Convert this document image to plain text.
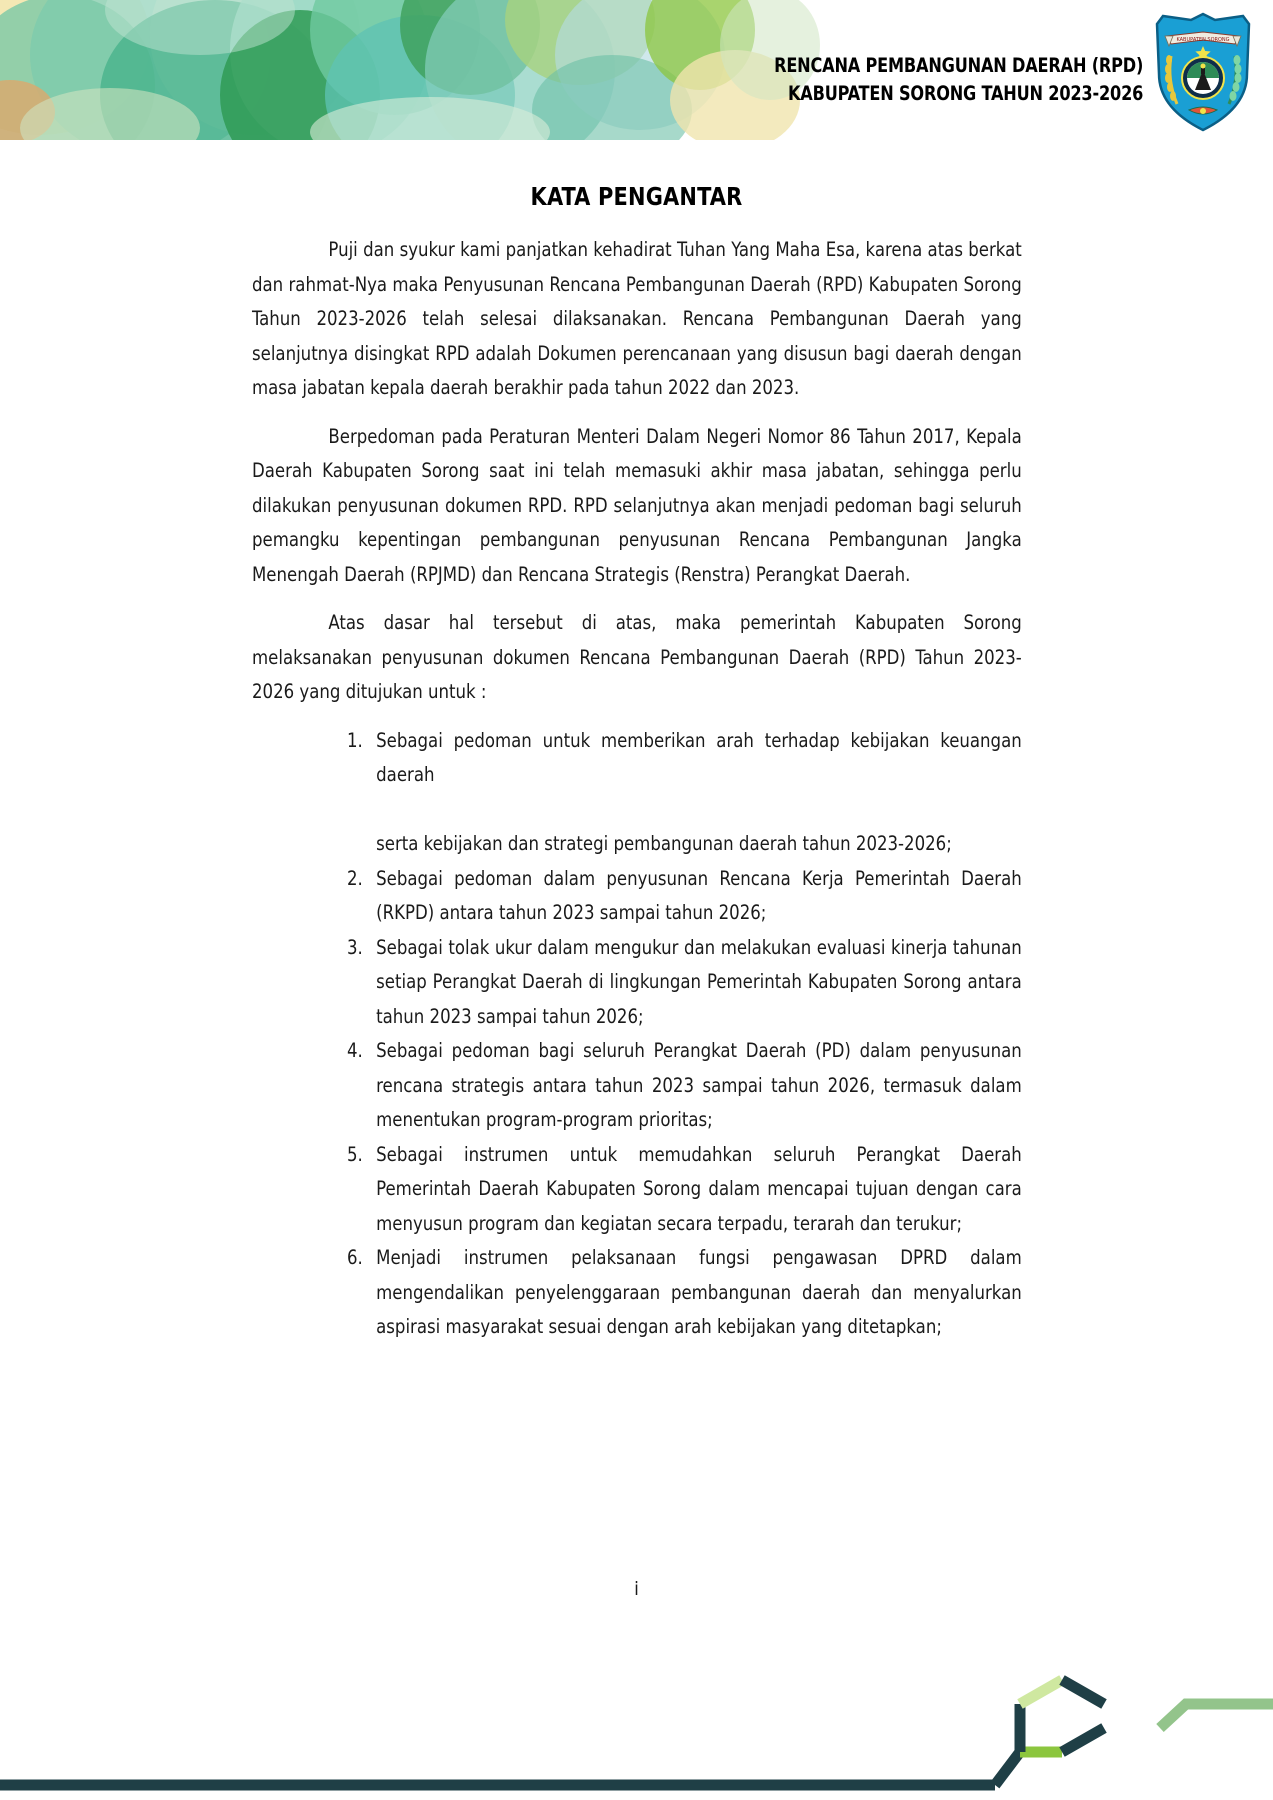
RENCANA PEMBANGUNAN DAERAH (RPD)
KABUPATEN SORONG TAHUN 2023-2026
KABUPATEN SORONG
KATA PENGANTAR

Puji dan syukur kami panjatkan kehadirat Tuhan Yang Maha Esa, karena atas berkat dan rahmat-Nya maka Penyusunan Rencana Pembangunan Daerah (RPD) Kabupaten Sorong Tahun 2023-2026 telah selesai dilaksanakan. Rencana Pembangunan Daerah yang selanjutnya disingkat RPD adalah Dokumen perencanaan yang disusun bagi daerah dengan masa jabatan kepala daerah berakhir pada tahun 2022 dan 2023.

Berpedoman pada Peraturan Menteri Dalam Negeri Nomor 86 Tahun 2017, Kepala Daerah Kabupaten Sorong saat ini telah memasuki akhir masa jabatan, sehingga perlu dilakukan penyusunan dokumen RPD. RPD selanjutnya akan menjadi pedoman bagi seluruh pemangku kepentingan pembangunan penyusunan Rencana Pembangunan Jangka Menengah Daerah (RPJMD) dan Rencana Strategis (Renstra) Perangkat Daerah.

Atas dasar hal tersebut di atas, maka pemerintah Kabupaten Sorong melaksanakan penyusunan dokumen Rencana Pembangunan Daerah (RPD) Tahun 2023-2026 yang ditujukan untuk :

1. Sebagai pedoman untuk memberikan arah terhadap kebijakan keuangan daerah
serta kebijakan dan strategi pembangunan daerah tahun 2023-2026;
2. Sebagai pedoman dalam penyusunan Rencana Kerja Pemerintah Daerah (RKPD) antara tahun 2023 sampai tahun 2026;
3. Sebagai tolak ukur dalam mengukur dan melakukan evaluasi kinerja tahunan setiap Perangkat Daerah di lingkungan Pemerintah Kabupaten Sorong antara tahun 2023 sampai tahun 2026;
4. Sebagai pedoman bagi seluruh Perangkat Daerah (PD) dalam penyusunan rencana strategis antara tahun 2023 sampai tahun 2026, termasuk dalam menentukan program-program prioritas;
5. Sebagai instrumen untuk memudahkan seluruh Perangkat Daerah Pemerintah Daerah Kabupaten Sorong dalam mencapai tujuan dengan cara menyusun program dan kegiatan secara terpadu, terarah dan terukur;
6. Menjadi instrumen pelaksanaan fungsi pengawasan DPRD dalam mengendalikan penyelenggaraan pembangunan daerah dan menyalurkan aspirasi masyarakat sesuai dengan arah kebijakan yang ditetapkan;
i
